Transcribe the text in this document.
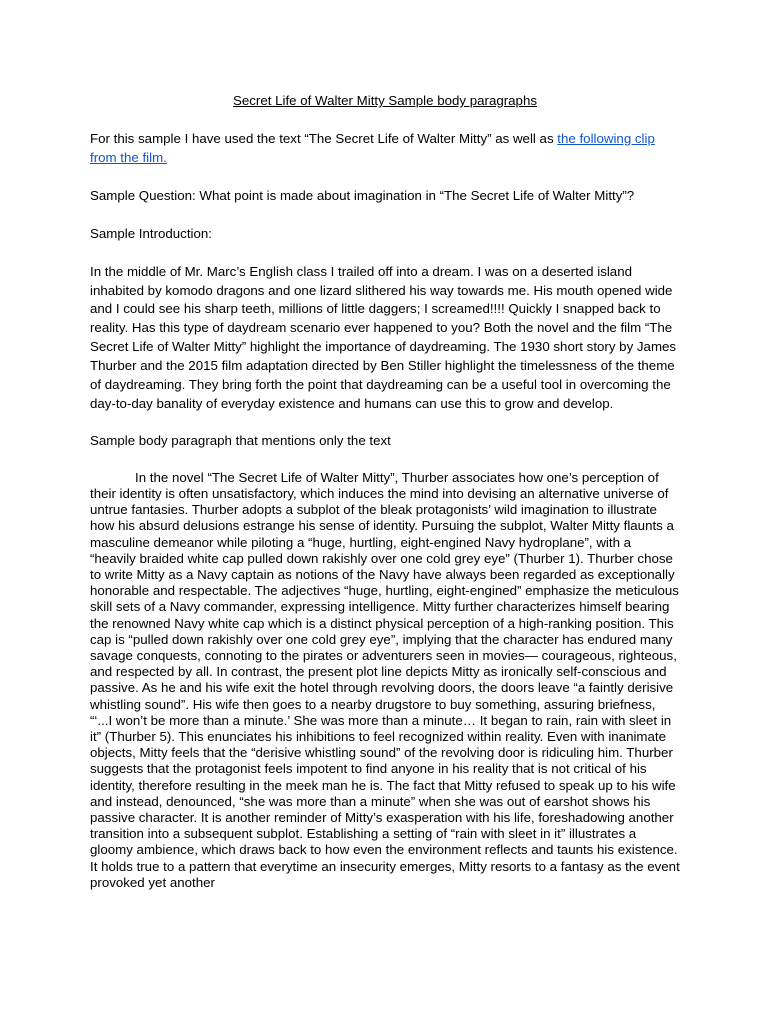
Secret Life of Walter Mitty Sample body paragraphs

For this sample I have used the text “The Secret Life of Walter Mitty” as well as the following clip from the film.

Sample Question: What point is made about imagination in “The Secret Life of Walter Mitty”?

Sample Introduction:

In the middle of Mr. Marc’s English class I trailed off into a dream. I was on a deserted island inhabited by komodo dragons and one lizard slithered his way towards me. His mouth opened wide and I could see his sharp teeth, millions of little daggers; I screamed!!!! Quickly I snapped back to reality. Has this type of daydream scenario ever happened to you? Both the novel and the film “The Secret Life of Walter Mitty” highlight the importance of daydreaming. The 1930 short story by James Thurber and the 2015 film adaptation directed by Ben Stiller highlight the timelessness of the theme of daydreaming. They bring forth the point that daydreaming can be a useful tool in overcoming the day-to-day banality of everyday existence and humans can use this to grow and develop.

Sample body paragraph that mentions only the text

In the novel “The Secret Life of Walter Mitty”, Thurber associates how one’s perception of their identity is often unsatisfactory, which induces the mind into devising an alternative universe of untrue fantasies. Thurber adopts a subplot of the bleak protagonists’ wild imagination to illustrate how his absurd delusions estrange his sense of identity. Pursuing the subplot, Walter Mitty flaunts a masculine demeanor while piloting a “huge, hurtling, eight-engined Navy hydroplane”, with a “heavily braided white cap pulled down rakishly over one cold grey eye” (Thurber 1). Thurber chose to write Mitty as a Navy captain as notions of the Navy have always been regarded as exceptionally honorable and respectable. The adjectives “huge, hurtling, eight-engined” emphasize the meticulous skill sets of a Navy commander, expressing intelligence. Mitty further characterizes himself bearing the renowned Navy white cap which is a distinct physical perception of a high-ranking position. This cap is “pulled down rakishly over one cold grey eye”, implying that the character has endured many savage conquests, connoting to the pirates or adventurers seen in movies— courageous, righteous, and respected by all. In contrast, the present plot line depicts Mitty as ironically self-conscious and passive. As he and his wife exit the hotel through revolving doors, the doors leave “a faintly derisive whistling sound”. His wife then goes to a nearby drugstore to buy something, assuring briefness, “‘...I won’t be more than a minute.’ She was more than a minute… It began to rain, rain with sleet in it” (Thurber 5). This enunciates his inhibitions to feel recognized within reality. Even with inanimate objects, Mitty feels that the “derisive whistling sound” of the revolving door is ridiculing him. Thurber suggests that the protagonist feels impotent to find anyone in his reality that is not critical of his identity, therefore resulting in the meek man he is. The fact that Mitty refused to speak up to his wife and instead, denounced, “she was more than a minute” when she was out of earshot shows his passive character. It is another reminder of Mitty’s exasperation with his life, foreshadowing another transition into a subsequent subplot. Establishing a setting of “rain with sleet in it” illustrates a gloomy ambience, which draws back to how even the environment reflects and taunts his existence. It holds true to a pattern that everytime an insecurity emerges, Mitty resorts to a fantasy as the event provoked yet another
